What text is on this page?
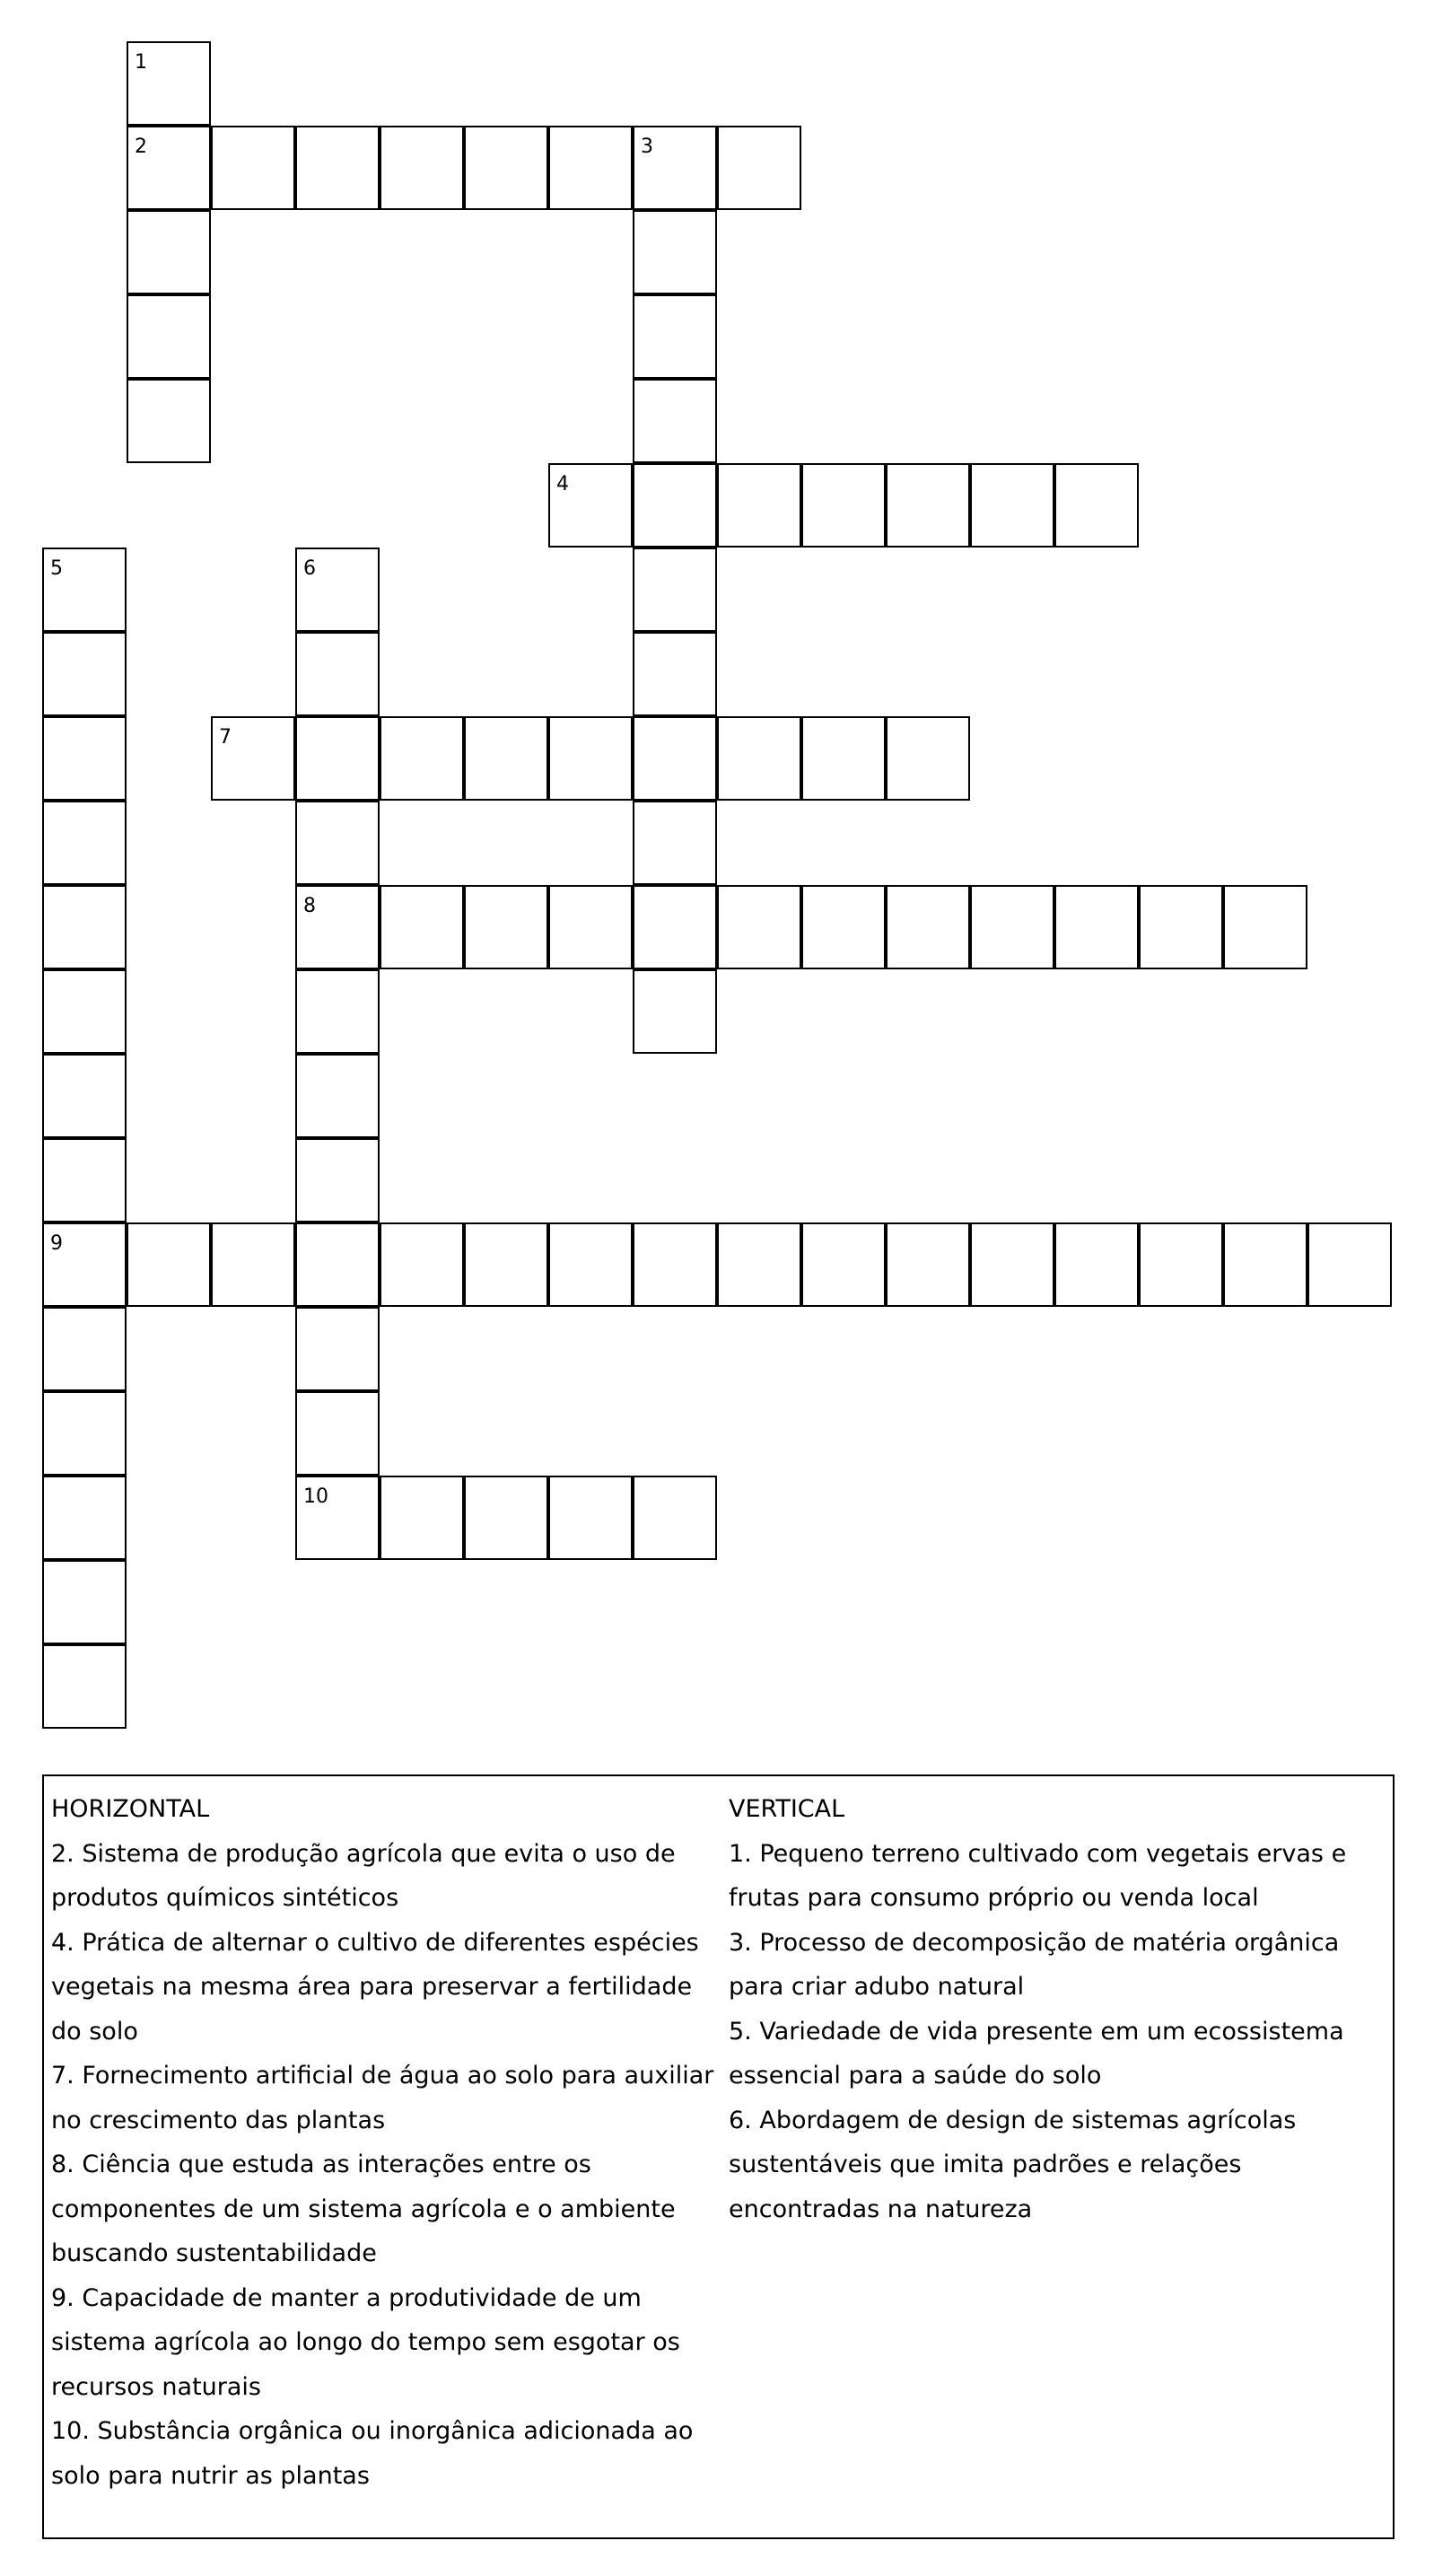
2
4
7
8
9
10
1
3
5	6
HORIZONTAL
2. Sistema de produção agrícola que evita o uso de produtos químicos sintéticos
4. Prática de alternar o cultivo de diferentes espécies vegetais na mesma área para preservar a fertilidade do solo
7. Fornecimento artificial de água ao solo para auxiliar no crescimento das plantas
8. Ciência que estuda as interações entre os componentes de um sistema agrícola e o ambiente buscando sustentabilidade
9. Capacidade de manter a produtividade de um sistema agrícola ao longo do tempo sem esgotar os recursos naturais
10. Substância orgânica ou inorgânica adicionada ao solo para nutrir as plantas
VERTICAL
1. Pequeno terreno cultivado com vegetais ervas e frutas para consumo próprio ou venda local
3. Processo de decomposição de matéria orgânica para criar adubo natural
5. Variedade de vida presente em um ecossistema essencial para a saúde do solo
6. Abordagem de design de sistemas agrícolas sustentáveis que imita padrões e relações encontradas na natureza
